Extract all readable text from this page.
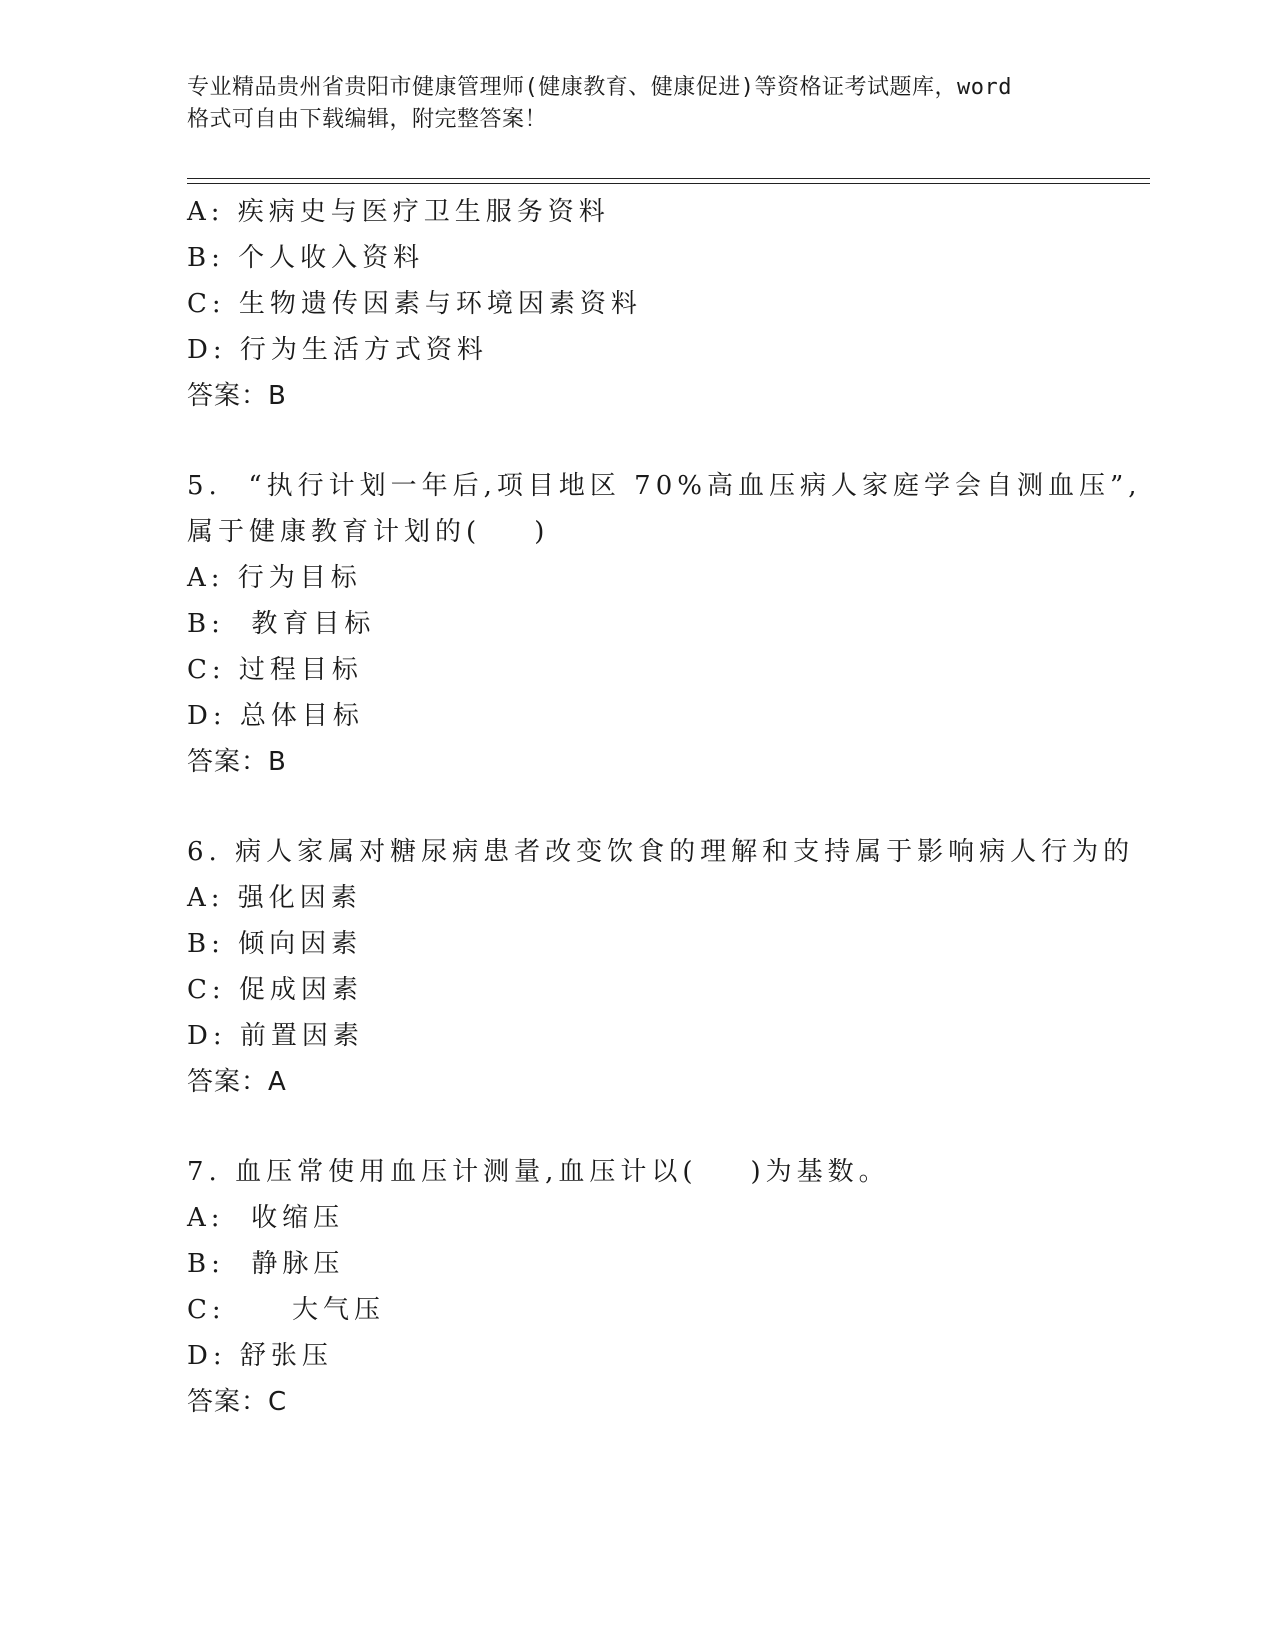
专业精品贵州省贵阳市健康管理师(健康教育、健康促进)等资格证考试题库，word
格式可自由下载编辑，附完整答案！
A: 疾病史与医疗卫生服务资料
B: 个人收入资料
C: 生物遗传因素与环境因素资料
D: 行为生活方式资料
答案：B
5.  “执行计划一年后,项目地区 70%高血压病人家庭学会自测血压”,
属于健康教育计划的(    )
A: 行为目标
B:  教育目标
C: 过程目标
D: 总体目标
答案：B
6. 病人家属对糖尿病患者改变饮食的理解和支持属于影响病人行为的
A: 强化因素
B: 倾向因素
C: 促成因素
D: 前置因素
答案：A
7. 血压常使用血压计测量,血压计以(    )为基数。
A:  收缩压
B:  静脉压
C:     大气压
D: 舒张压
答案：C
